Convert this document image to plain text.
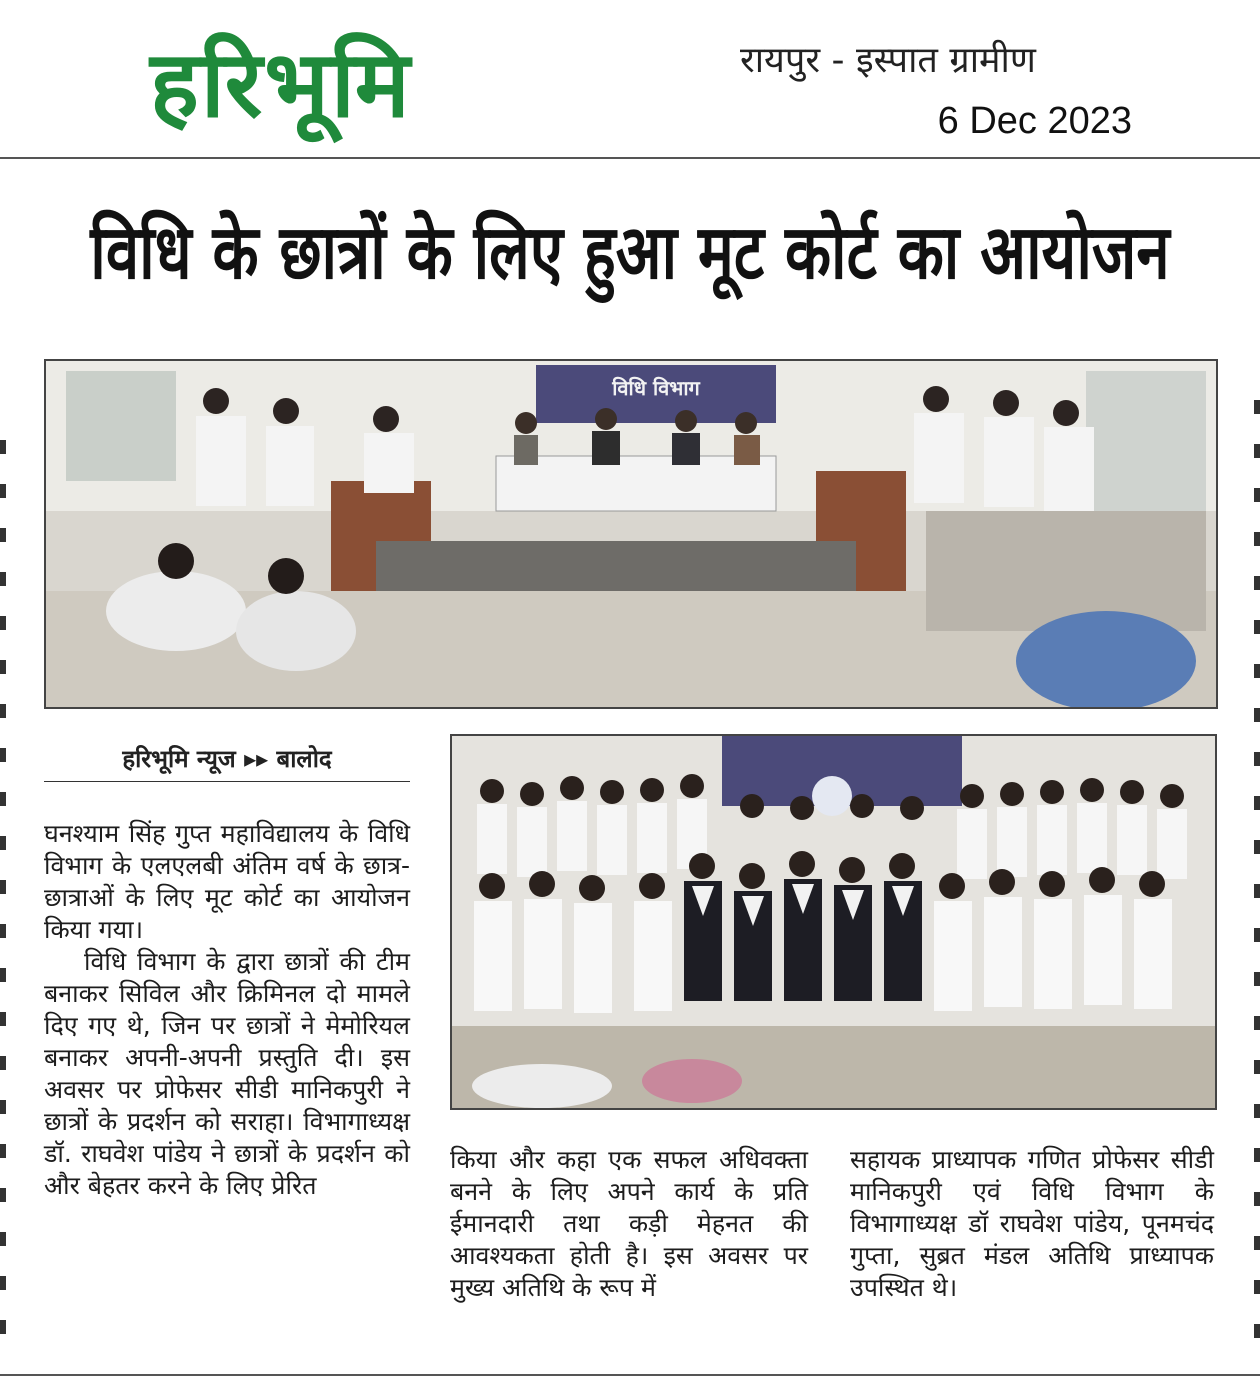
हरिभूमि	रायपुर - इस्पात ग्रामीण
6 Dec 2023
विधि के छात्रों के लिए हुआ मूट कोर्ट का आयोजन
विधि विभाग
हरिभूमि न्यूज ▸▸ बालोद

घनश्याम सिंह गुप्त महाविद्यालय के विधि विभाग के एलएलबी अंतिम वर्ष के छात्र-छात्राओं के लिए मूट कोर्ट का आयोजन किया गया।

विधि विभाग के द्वारा छात्रों की टीम बनाकर सिविल और क्रिमिनल दो मामले दिए गए थे, जिन पर छात्रों ने मेमोरियल बनाकर अपनी-अपनी प्रस्तुति दी। इस अवसर पर प्रोफेसर सीडी मानिकपुरी ने छात्रों के प्रदर्शन को सराहा। विभागाध्यक्ष डॉ. राघवेश पांडेय ने छात्रों के प्रदर्शन को और बेहतर करने के लिए प्रेरित

किया और कहा एक सफल अधिवक्ता बनने के लिए अपने कार्य के प्रति ईमानदारी तथा कड़ी मेहनत की आवश्यकता होती है। इस अवसर पर मुख्य अतिथि के रूप में

सहायक प्राध्यापक गणित प्रोफेसर सीडी मानिकपुरी एवं विधि विभाग के विभागाध्यक्ष डॉ राघवेश पांडेय, पूनमचंद गुप्ता, सुब्रत मंडल अतिथि प्राध्यापक उपस्थित थे।
